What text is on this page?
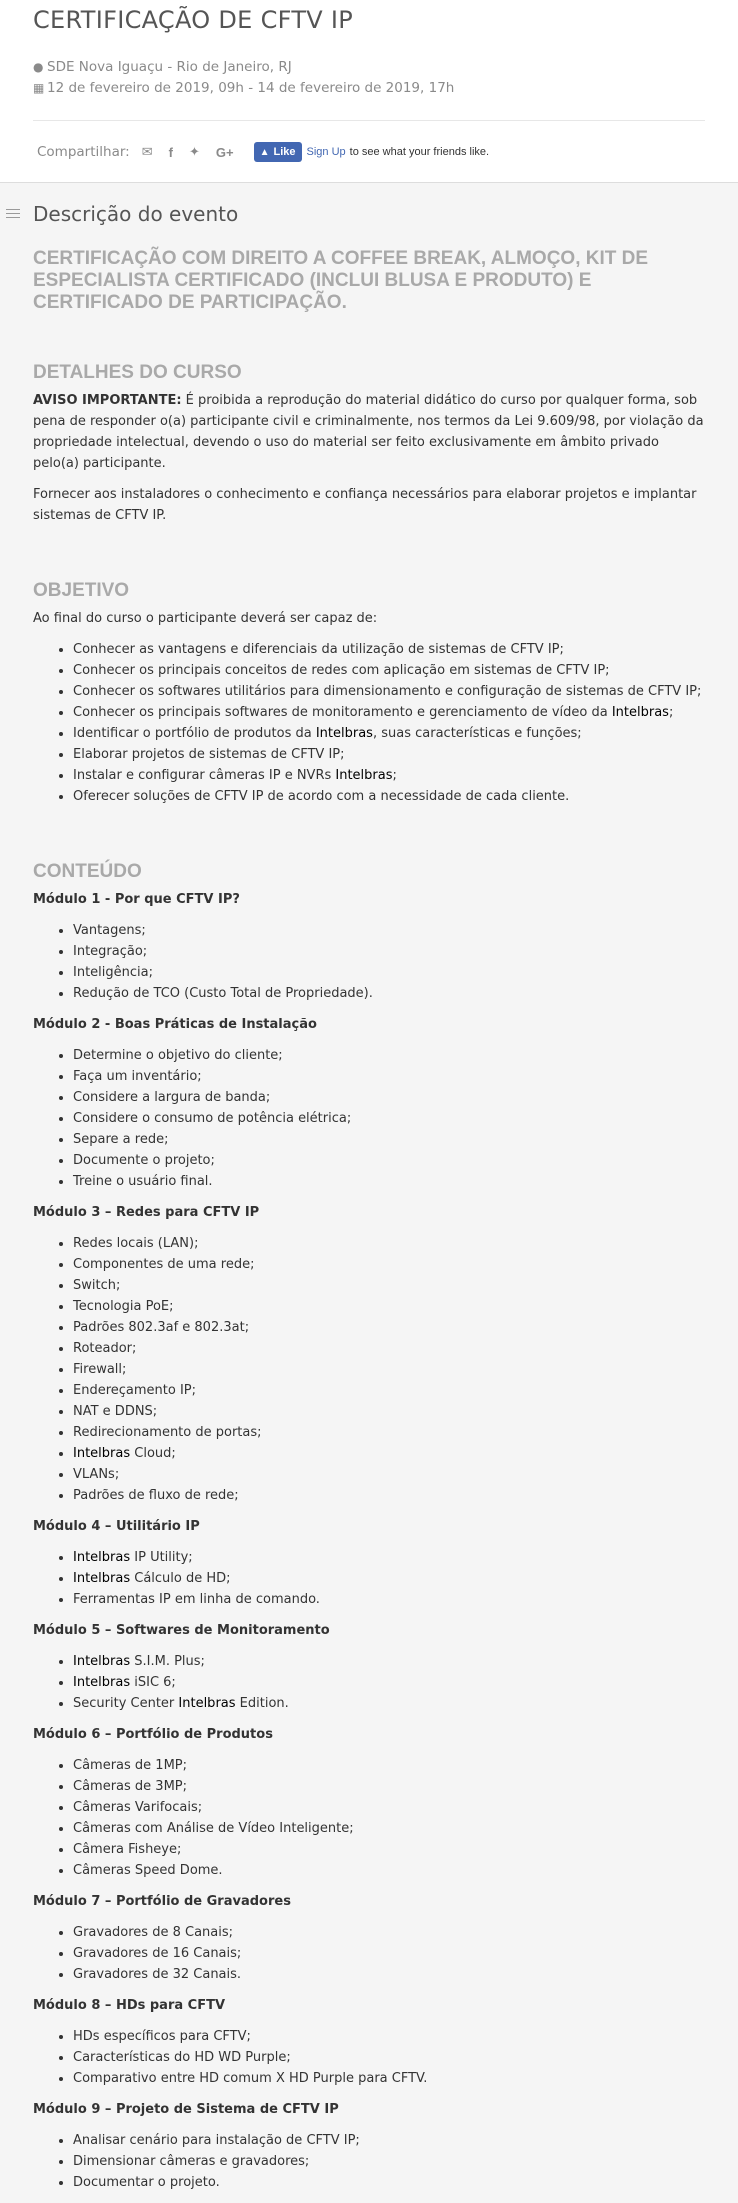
CERTIFICAÇÃO DE CFTV IP
● SDE Nova Iguaçu - Rio de Janeiro, RJ
▦ 12 de fevereiro de 2019, 09h - 14 de fevereiro de 2019, 17h
Compartilhar: ✉ f ✦ G+	▲ Like Sign Up to see what your friends like.
Descrição do evento
CERTIFICAÇÃO COM DIREITO A COFFEE BREAK, ALMOÇO, KIT DE ESPECIALISTA CERTIFICADO (INCLUI BLUSA E PRODUTO) E CERTIFICADO DE PARTICIPAÇÃO.
DETALHES DO CURSO

AVISO IMPORTANTE: É proibida a reprodução do material didático do curso por qualquer forma, sob pena de responder o(a) participante civil e criminalmente, nos termos da Lei 9.609/98, por violação da propriedade intelectual, devendo o uso do material ser feito exclusivamente em âmbito privado pelo(a) participante.

Fornecer aos instaladores o conhecimento e confiança necessários para elaborar projetos e implantar sistemas de CFTV IP.

OBJETIVO

Ao final do curso o participante deverá ser capaz de:

• Conhecer as vantagens e diferenciais da utilização de sistemas de CFTV IP;
• Conhecer os principais conceitos de redes com aplicação em sistemas de CFTV IP;
• Conhecer os softwares utilitários para dimensionamento e configuração de sistemas de CFTV IP;
• Conhecer os principais softwares de monitoramento e gerenciamento de vídeo da Intelbras;
• Identificar o portfólio de produtos da Intelbras, suas características e funções;
• Elaborar projetos de sistemas de CFTV IP;
• Instalar e configurar câmeras IP e NVRs Intelbras;
• Oferecer soluções de CFTV IP de acordo com a necessidade de cada cliente.
CONTEÚDO

Módulo 1 - Por que CFTV IP?

• Vantagens;
• Integração;
• Inteligência;
• Redução de TCO (Custo Total de Propriedade).

Módulo 2 - Boas Práticas de Instalação

• Determine o objetivo do cliente;
• Faça um inventário;
• Considere a largura de banda;
• Considere o consumo de potência elétrica;
• Separe a rede;
• Documente o projeto;
• Treine o usuário final.

Módulo 3 – Redes para CFTV IP

• Redes locais (LAN);
• Componentes de uma rede;
• Switch;
• Tecnologia PoE;
• Padrões 802.3af e 802.3at;
• Roteador;
• Firewall;
• Endereçamento IP;
• NAT e DDNS;
• Redirecionamento de portas;
• Intelbras Cloud;
• VLANs;
• Padrões de fluxo de rede;

Módulo 4 – Utilitário IP

• Intelbras IP Utility;
• Intelbras Cálculo de HD;
• Ferramentas IP em linha de comando.

Módulo 5 – Softwares de Monitoramento

• Intelbras S.I.M. Plus;
• Intelbras iSIC 6;
• Security Center Intelbras Edition.

Módulo 6 – Portfólio de Produtos

• Câmeras de 1MP;
• Câmeras de 3MP;
• Câmeras Varifocais;
• Câmeras com Análise de Vídeo Inteligente;
• Câmera Fisheye;
• Câmeras Speed Dome.

Módulo 7 – Portfólio de Gravadores

• Gravadores de 8 Canais;
• Gravadores de 16 Canais;
• Gravadores de 32 Canais.

Módulo 8 – HDs para CFTV

• HDs específicos para CFTV;
• Características do HD WD Purple;
• Comparativo entre HD comum X HD Purple para CFTV.

Módulo 9 – Projeto de Sistema de CFTV IP

• Analisar cenário para instalação de CFTV IP;
• Dimensionar câmeras e gravadores;
• Documentar o projeto.
